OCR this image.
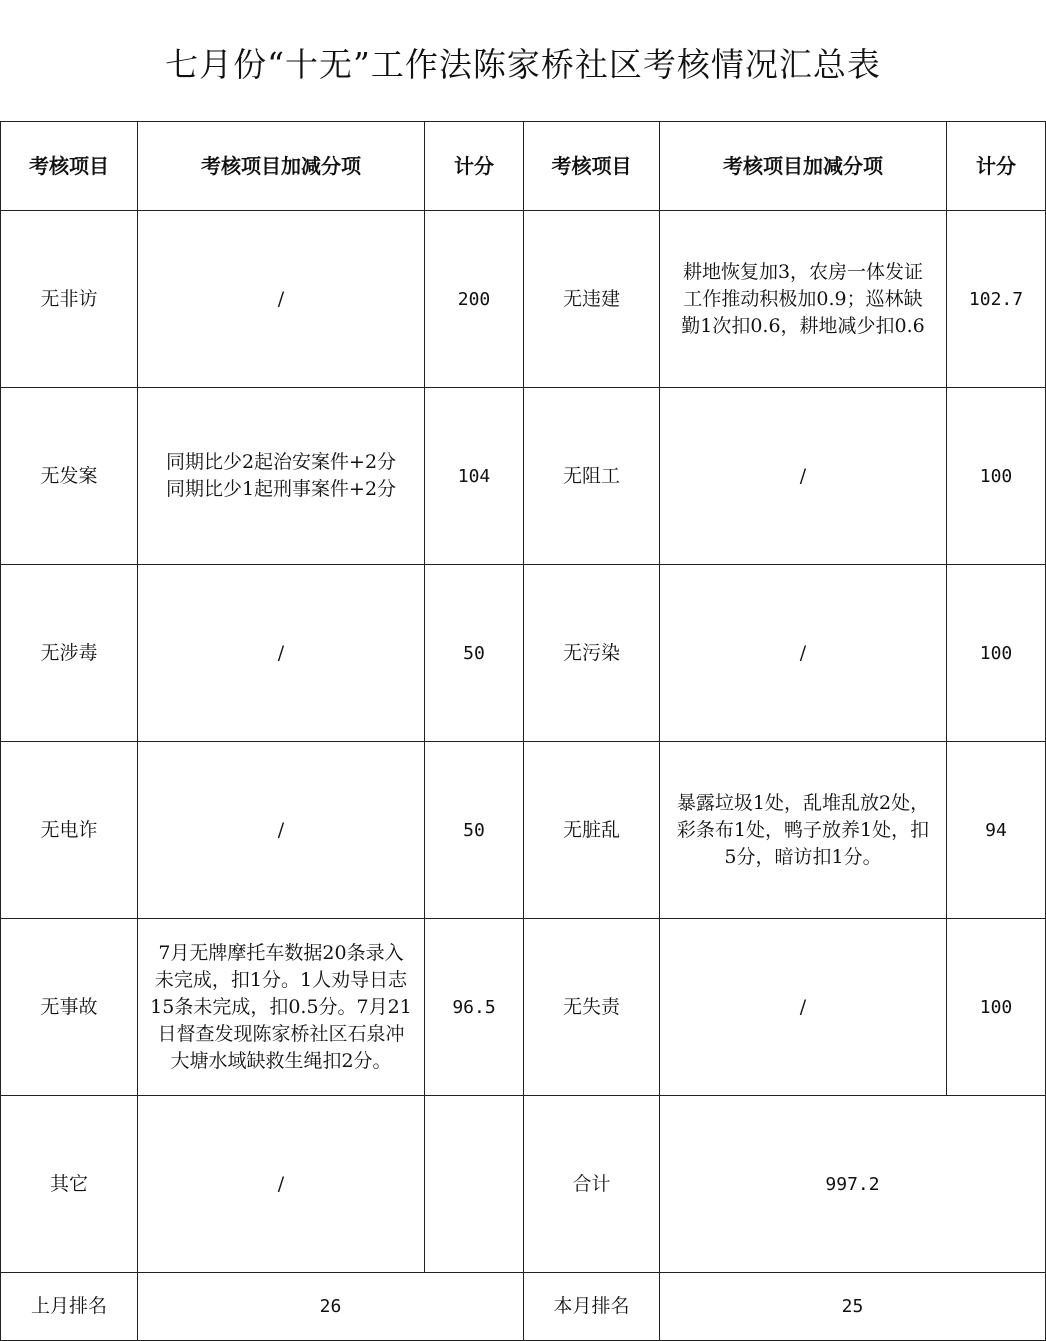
七月份“十无”工作法陈家桥社区考核情况汇总表
考核项目	考核项目加减分项	计分	考核项目	考核项目加减分项	计分
无非访	/	200	无违建	耕地恢复加3，农房一体发证
工作推动积极加0.9；巡林缺
勤1次扣0.6，耕地减少扣0.6	102.7
无发案	同期比少2起治安案件+2分
同期比少1起刑事案件+2分	104	无阻工	/	100
无涉毒	/	50	无污染	/	100
无电诈	/	50	无脏乱	暴露垃圾1处，乱堆乱放2处，
彩条布1处，鸭子放养1处，扣
5分，暗访扣1分。	94
无事故	7月无牌摩托车数据20条录入
未完成，扣1分。1人劝导日志
15条未完成，扣0.5分。7月21
日督查发现陈家桥社区石泉冲
大塘水域缺救生绳扣2分。	96.5	无失责	/	100
其它	/		合计	997.2	
上月排名	26		本月排名	25	
